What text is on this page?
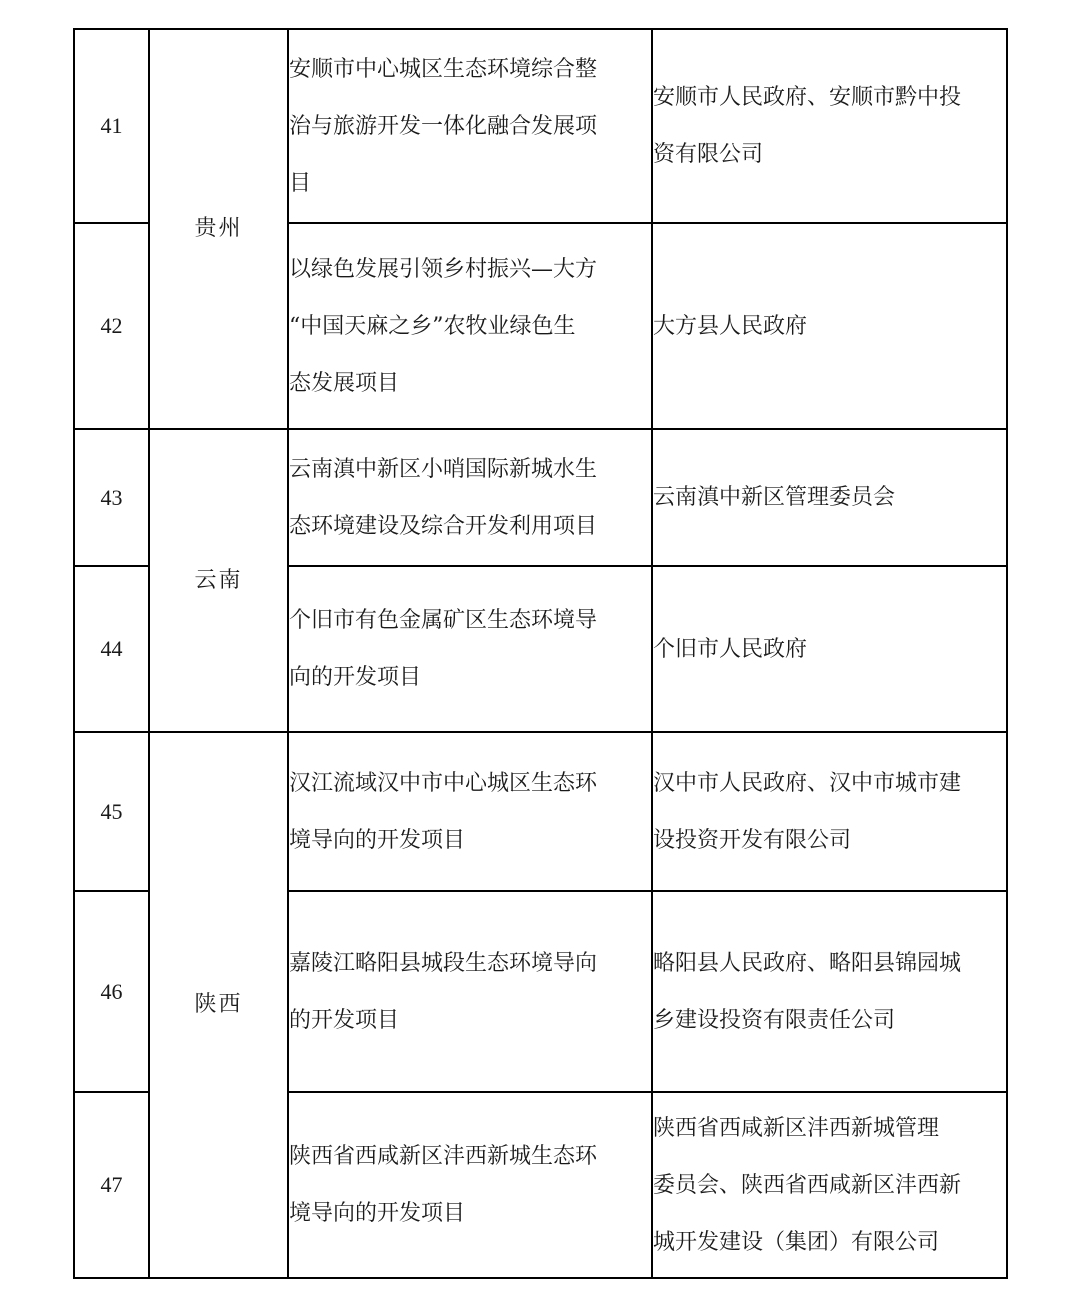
41	贵州	安顺市中心城区生态环境综合整
治与旅游开发一体化融合发展项
目	安顺市人民政府、安顺市黔中投
资有限公司

42		以绿色发展引领乡村振兴—大方
“中国天麻之乡”农牧业绿色生
态发展项目	大方县人民政府

43	云南	云南滇中新区小哨国际新城水生
态环境建设及综合开发利用项目	云南滇中新区管理委员会

44		个旧市有色金属矿区生态环境导
向的开发项目	个旧市人民政府

45	陕西	汉江流域汉中市中心城区生态环
境导向的开发项目	汉中市人民政府、汉中市城市建
设投资开发有限公司

46		嘉陵江略阳县城段生态环境导向
的开发项目	略阳县人民政府、略阳县锦园城
乡建设投资有限责任公司

47		陕西省西咸新区沣西新城生态环
境导向的开发项目	陕西省西咸新区沣西新城管理
委员会、陕西省西咸新区沣西新
城开发建设（集团）有限公司
